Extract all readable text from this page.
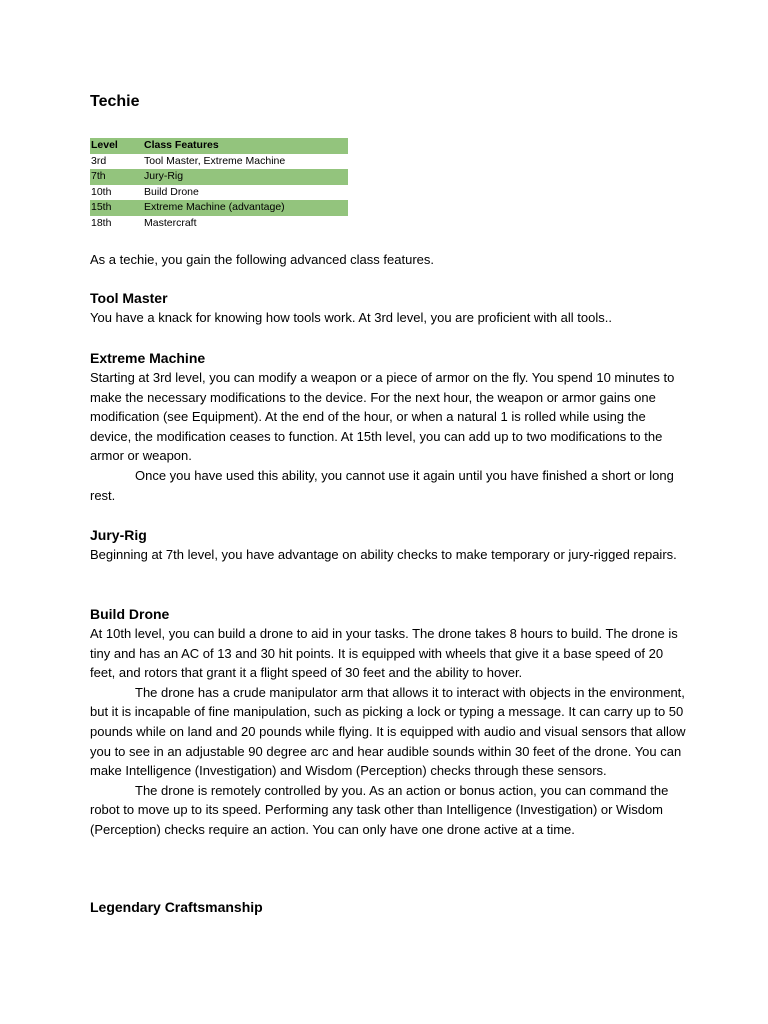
Techie
Level	Class Features
3rd	Tool Master, Extreme Machine
7th	Jury-Rig
10th	Build Drone
15th	Extreme Machine (advantage)
18th	Mastercraft

As a techie, you gain the following advanced class features.

Tool Master

You have a knack for knowing how tools work. At 3rd level, you are proficient with all tools..

Extreme Machine

Starting at 3rd level, you can modify a weapon or a piece of armor on the fly. You spend 10 minutes to make the necessary modifications to the device. For the next hour, the weapon or armor gains one modification (see Equipment). At the end of the hour, or when a natural 1 is rolled while using the device, the modification ceases to function. At 15th level, you can add up to two modifications to the armor or weapon.

Once you have used this ability, you cannot use it again until you have finished a short or long rest.

Jury-Rig

Beginning at 7th level, you have advantage on ability checks to make temporary or jury-rigged repairs.

Build Drone

At 10th level, you can build a drone to aid in your tasks. The drone takes 8 hours to build. The drone is tiny and has an AC of 13 and 30 hit points. It is equipped with wheels that give it a base speed of 20 feet, and rotors that grant it a flight speed of 30 feet and the ability to hover.

The drone has a crude manipulator arm that allows it to interact with objects in the environment, but it is incapable of fine manipulation, such as picking a lock or typing a message. It can carry up to 50 pounds while on land and 20 pounds while flying. It is equipped with audio and visual sensors that allow you to see in an adjustable 90 degree arc and hear audible sounds within 30 feet of the drone. You can make Intelligence (Investigation) and Wisdom (Perception) checks through these sensors.

The drone is remotely controlled by you. As an action or bonus action, you can command the robot to move up to its speed. Performing any task other than Intelligence (Investigation) or Wisdom (Perception) checks require an action. You can only have one drone active at a time.

Legendary Craftsmanship
